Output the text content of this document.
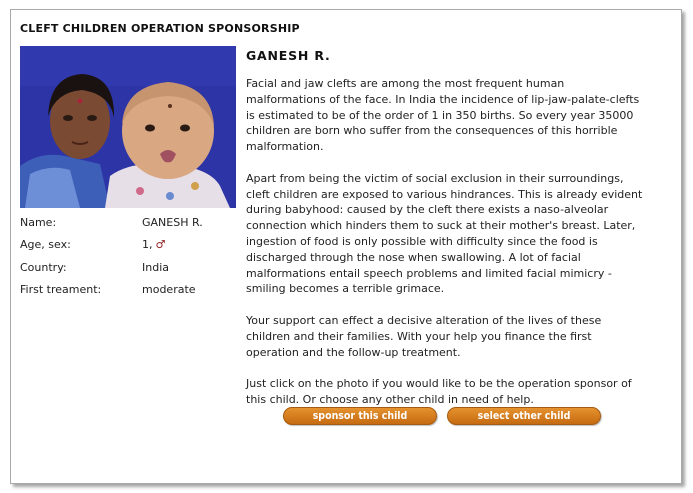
CLEFT CHILDREN OPERATION SPONSORSHIP
Name:	GANESH R.
Age, sex:	1, ♂
Country:	India
First treament:	moderate
GANESH R.

Facial and jaw clefts are among the most frequent human malformations of the face. In India the incidence of lip-jaw-palate-clefts is estimated to be of the order of 1 in 350 births. So every year 35000 children are born who suffer from the consequences of this horrible malformation.

Apart from being the victim of social exclusion in their surroundings, cleft children are exposed to various hindrances. This is already evident during babyhood: caused by the cleft there exists a naso-alveolar connection which hinders them to suck at their mother's breast. Later, ingestion of food is only possible with difficulty since the food is discharged through the nose when swallowing. A lot of facial malformations entail speech problems and limited facial mimicry - smiling becomes a terrible grimace.

Your support can effect a decisive alteration of the lives of these children and their families. With your help you finance the first operation and the follow-up treatment.

Just click on the photo if you would like to be the operation sponsor of this child. Or choose any other child in need of help.

sponsor this child	select other child
